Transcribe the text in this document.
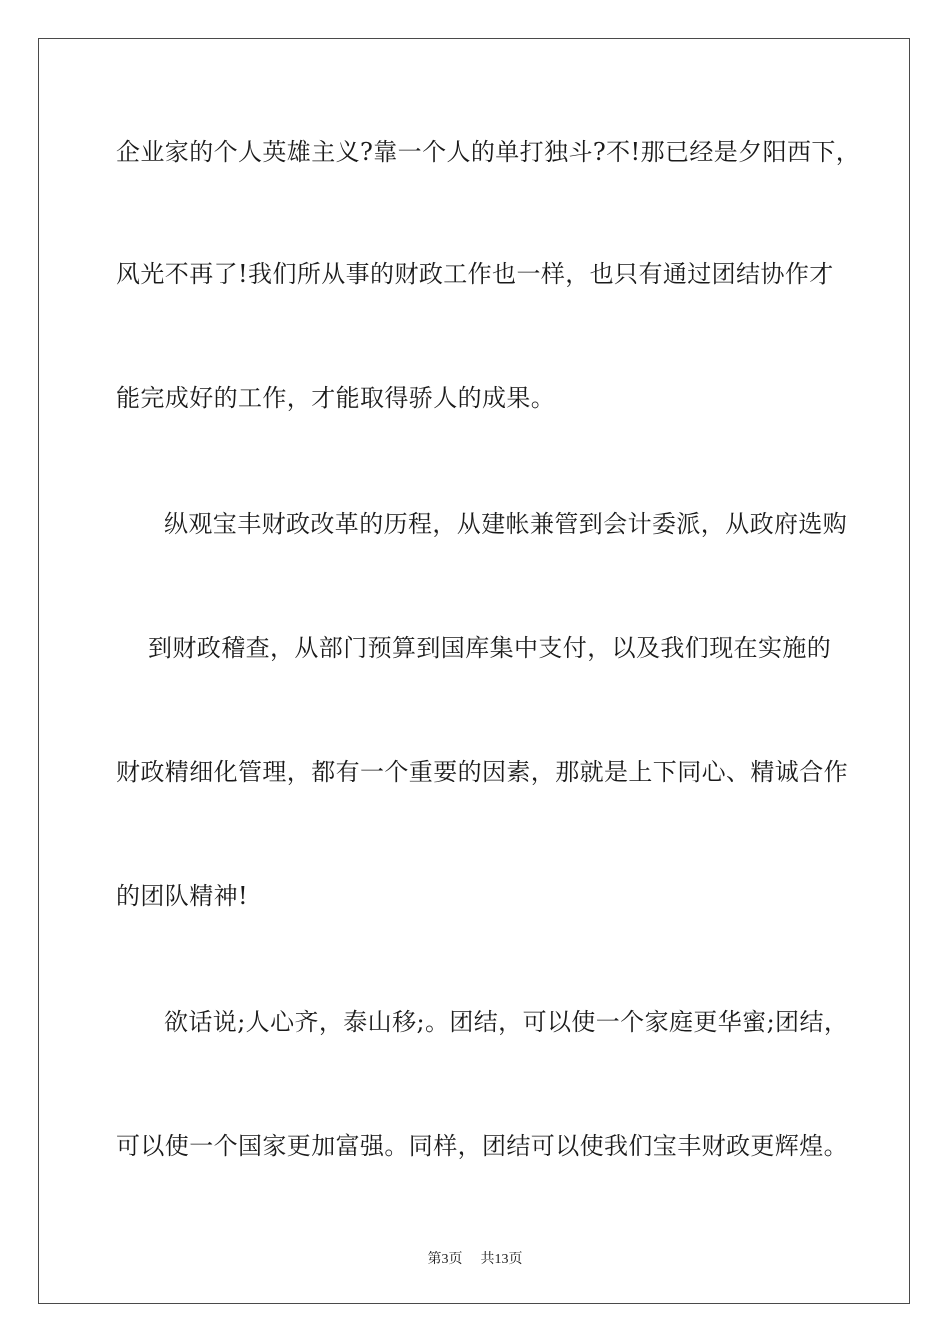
企业家的个人英雄主义?靠一个人的单打独斗?不!那已经是夕阳西下，
风光不再了!我们所从事的财政工作也一样，也只有通过团结协作才
能完成好的工作，才能取得骄人的成果。
纵观宝丰财政改革的历程，从建帐兼管到会计委派，从政府选购
到财政稽查，从部门预算到国库集中支付，以及我们现在实施的
财政精细化管理，都有一个重要的因素，那就是上下同心、精诚合作
的团队精神!
欲话说;人心齐，泰山移;。团结，可以使一个家庭更华蜜;团结，
可以使一个国家更加富强。同样，团结可以使我们宝丰财政更辉煌。
第3页 共13页
